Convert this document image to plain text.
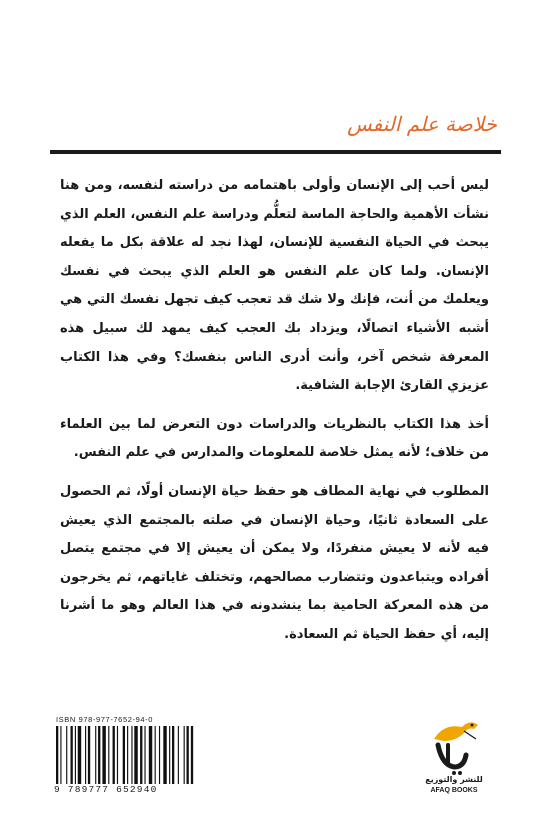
خلاصة علم النفس

ليس أحب إلى الإنسان وأولى باهتمامه من دراسته لنفسه، ومن هنا نشأت الأهمية والحاجة الماسة لتعلُّم ودراسة علم النفس، العلم الذي يبحث في الحياة النفسية للإنسان، لهذا نجد له علاقة بكل ما يفعله الإنسان. ولما كان علم النفس هو العلم الذي يبحث في نفسك ويعلمك من أنت، فإنك ولا شك قد تعجب كيف تجهل نفسك التي هي أشبه الأشياء اتصالًا، ويزداد بك العجب كيف يمهد لك سبيل هذه المعرفة شخص آخر، وأنت أدرى الناس بنفسك؟ وفي هذا الكتاب عزيزي القارئ الإجابة الشافية.

أخذ هذا الكتاب بالنظريات والدراسات دون التعرض لما بين العلماء من خلاف؛ لأنه يمثل خلاصة للمعلومات والمدارس في علم النفس.

المطلوب في نهاية المطاف هو حفظ حياة الإنسان أولًا، ثم الحصول على السعادة ثانيًا، وحياة الإنسان في صلته بالمجتمع الذي يعيش فيه لأنه لا يعيش منفردًا، ولا يمكن أن يعيش إلا في مجتمع يتصل أفراده ويتباعدون وتتضارب مصالحهم، وتختلف غاياتهم، ثم يخرجون من هذه المعركة الحامية بما ينشدونه في هذا العالم وهو ما أشرنا إليه، أي حفظ الحياة ثم السعادة.

ISBN 978-977-7652-94-0
9 789777 652940
للنشر والتوزيع
AFAQ BOOKS
